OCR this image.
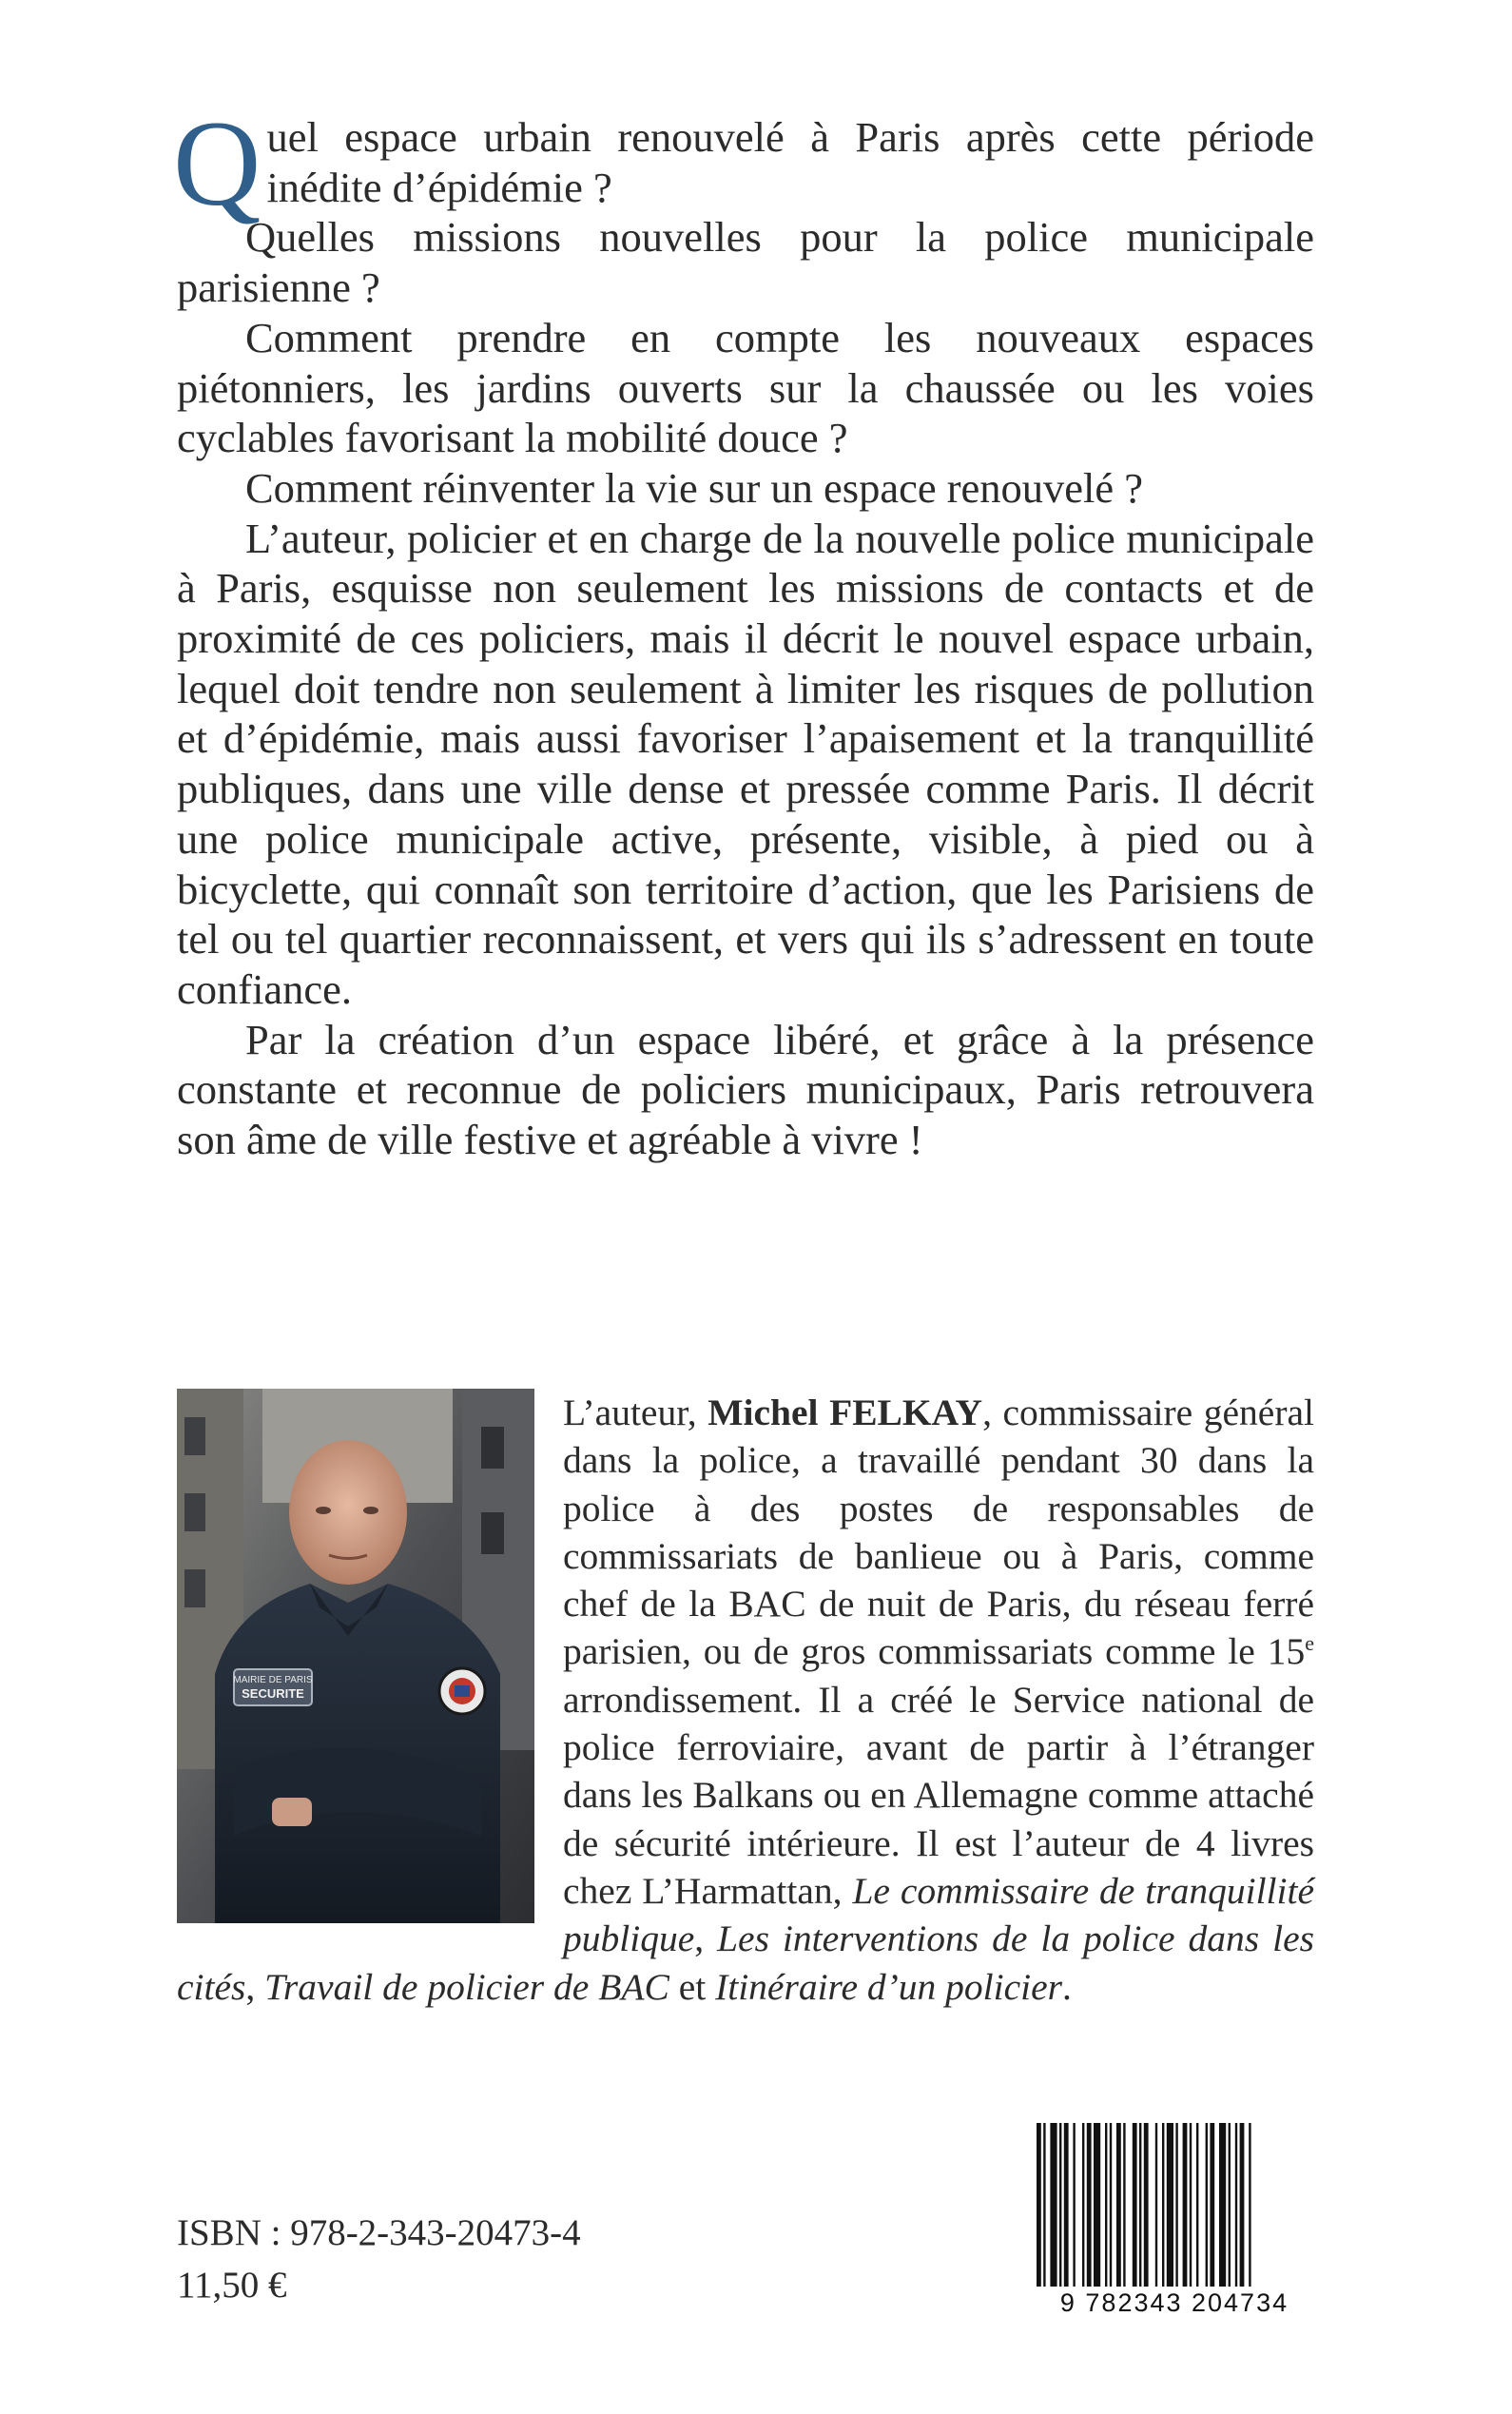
Quel espace urbain renouvelé à Paris après cette période inédite d’épidémie ?

Quelles missions nouvelles pour la police municipale parisienne ?

Comment prendre en compte les nouveaux espaces piétonniers, les jardins ouverts sur la chaussée ou les voies cyclables favorisant la mobilité douce ?

Comment réinventer la vie sur un espace renouvelé ?

L’auteur, policier et en charge de la nouvelle police municipale à Paris, esquisse non seulement les missions de contacts et de proximité de ces policiers, mais il décrit le nouvel espace urbain, lequel doit tendre non seulement à limiter les risques de pollution et d’épidémie, mais aussi favoriser l’apaisement et la tranquillité publiques, dans une ville dense et pressée comme Paris. Il décrit une police municipale active, présente, visible, à pied ou à bicyclette, qui connaît son territoire d’action, que les Parisiens de tel ou tel quartier reconnaissent, et vers qui ils s’adressent en toute confiance.

Par la création d’un espace libéré, et grâce à la présence constante et reconnue de policiers municipaux, Paris retrouvera son âme de ville festive et agréable à vivre !

MAIRIE DE PARIS
SECURITE

L’auteur, Michel FELKAY, commissaire général dans la police, a travaillé pendant 30 dans la police à des postes de responsables de commissariats de banlieue ou à Paris, comme chef de la BAC de nuit de Paris, du réseau ferré parisien, ou de gros commissariats comme le 15e arrondissement. Il a créé le Service national de police ferroviaire, avant de partir à l’étranger dans les Balkans ou en Allemagne comme attaché de sécurité intérieure. Il est l’auteur de 4 livres chez L’Harmattan, Le commissaire de tranquillité publique, Les interventions de la police dans les cités, Travail de policier de BAC et Itinéraire d’un policier.

ISBN : 978-2-343-20473-4
11,50 €	9 782343 204734
